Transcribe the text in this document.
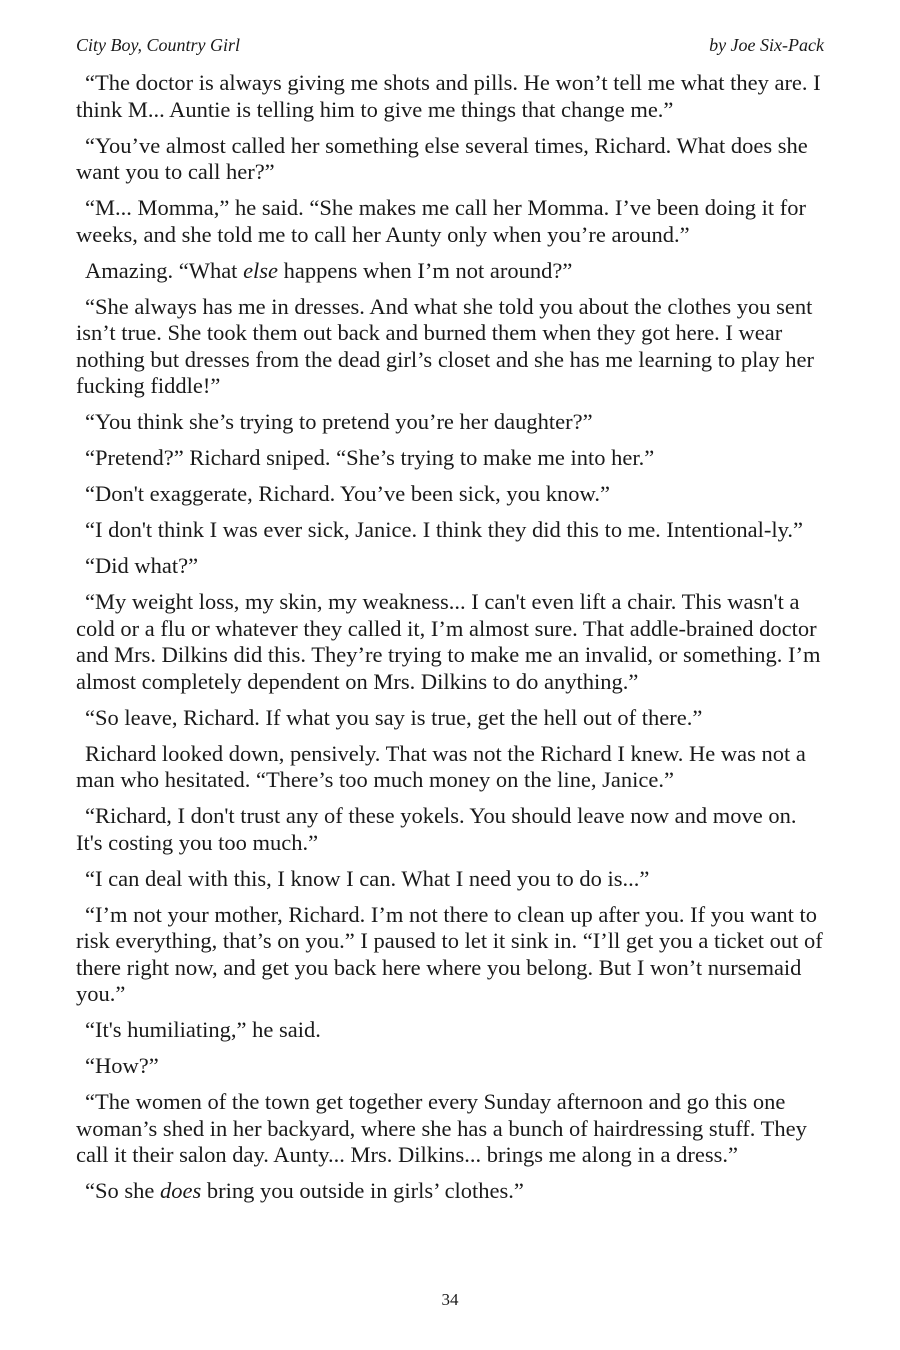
City Boy, Country Girl	by Joe Six-Pack

“The doctor is always giving me shots and pills. He won’t tell me what they are. I think M... Auntie is telling him to give me things that change me.”

“You’ve almost called her something else several times, Richard. What does she want you to call her?”

“M... Momma,” he said. “She makes me call her Momma. I’ve been doing it for weeks, and she told me to call her Aunty only when you’re around.”

Amazing. “What else happens when I’m not around?”

“She always has me in dresses. And what she told you about the clothes you sent isn’t true. She took them out back and burned them when they got here. I wear nothing but dresses from the dead girl’s closet and she has me learning to play her fucking fiddle!”

“You think she’s trying to pretend you’re her daughter?”

“Pretend?” Richard sniped. “She’s trying to make me into her.”

“Don't exaggerate, Richard. You’ve been sick, you know.”

“I don't think I was ever sick, Janice. I think they did this to me. Intentional-ly.”

“Did what?”

“My weight loss, my skin, my weakness... I can't even lift a chair. This wasn't a cold or a flu or whatever they called it, I’m almost sure. That addle-brained doctor and Mrs. Dilkins did this. They’re trying to make me an invalid, or something. I’m almost completely dependent on Mrs. Dilkins to do anything.”

“So leave, Richard. If what you say is true, get the hell out of there.”

Richard looked down, pensively. That was not the Richard I knew. He was not a man who hesitated. “There’s too much money on the line, Janice.”

“Richard, I don't trust any of these yokels. You should leave now and move on. It's costing you too much.”

“I can deal with this, I know I can. What I need you to do is...”

“I’m not your mother, Richard. I’m not there to clean up after you. If you want to risk everything, that’s on you.” I paused to let it sink in. “I’ll get you a ticket out of there right now, and get you back here where you belong. But I won’t nursemaid you.”

“It's humiliating,” he said.

“How?”

“The women of the town get together every Sunday afternoon and go this one woman’s shed in her backyard, where she has a bunch of hairdressing stuff. They call it their salon day. Aunty... Mrs. Dilkins... brings me along in a dress.”

“So she does bring you outside in girls’ clothes.”

34
